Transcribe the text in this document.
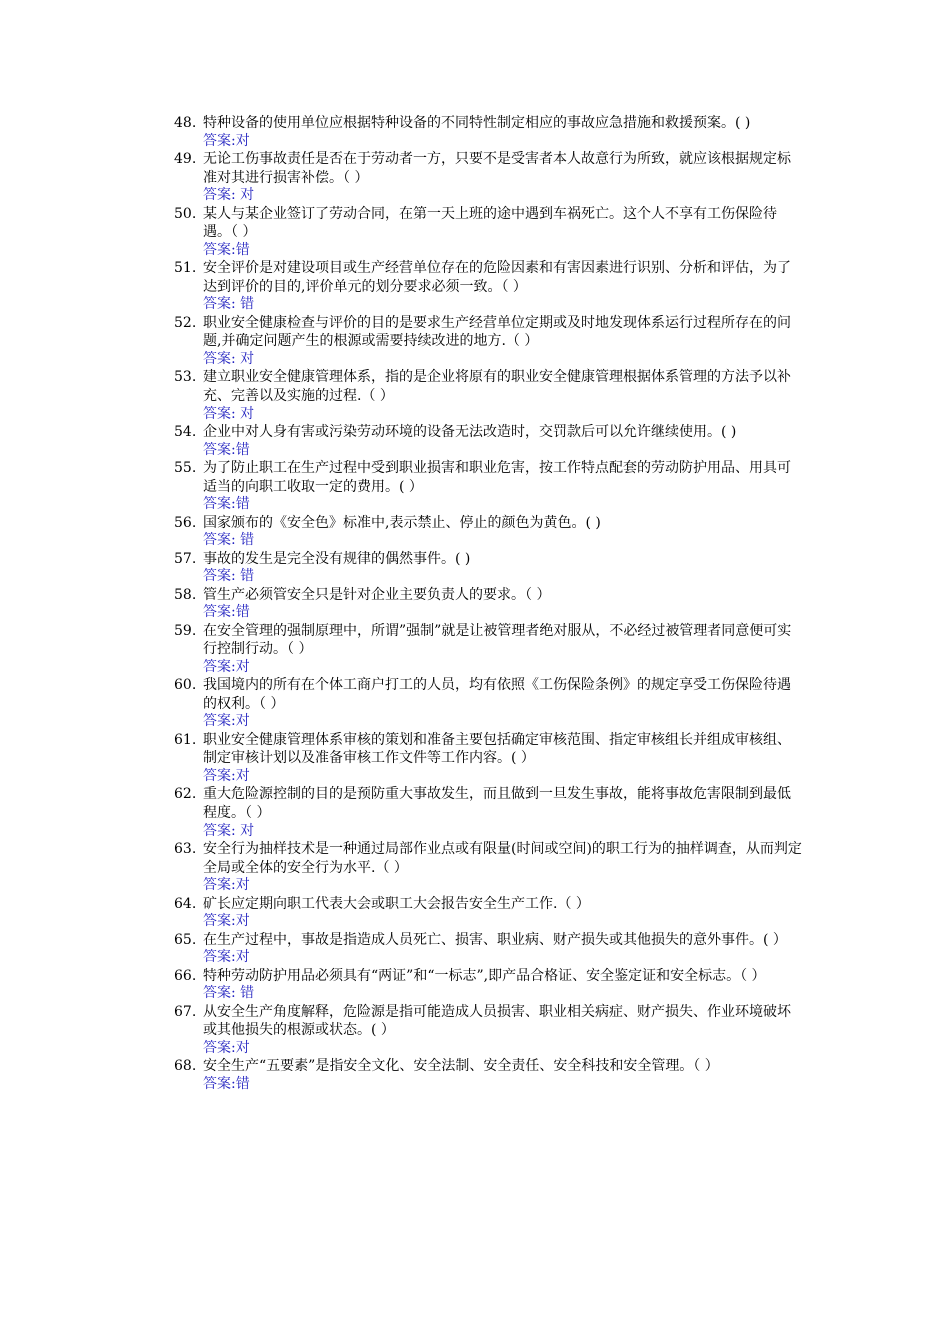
48. 特种设备的使用单位应根据特种设备的不同特性制定相应的事故应急措施和救援预案。( )
答案:对
49. 无论工伤事故责任是否在于劳动者一方，只要不是受害者本人故意行为所致，就应该根据规定标准对其进行损害补偿。（ ）
答案: 对
50. 某人与某企业签订了劳动合同，在第一天上班的途中遇到车祸死亡。这个人不享有工伤保险待遇。（ ）
答案:错
51. 安全评价是对建设项目或生产经营单位存在的危险因素和有害因素进行识别、分析和评估，为了达到评价的目的,评价单元的划分要求必须一致。（ ）
答案: 错
52. 职业安全健康检查与评价的目的是要求生产经营单位定期或及时地发现体系运行过程所存在的问题,并确定问题产生的根源或需要持续改进的地方.（ ）
答案: 对
53. 建立职业安全健康管理体系，指的是企业将原有的职业安全健康管理根据体系管理的方法予以补充、完善以及实施的过程.（ ）
答案: 对
54. 企业中对人身有害或污染劳动环境的设备无法改造时，交罚款后可以允许继续使用。( )
答案:错
55. 为了防止职工在生产过程中受到职业损害和职业危害，按工作特点配套的劳动防护用品、用具可适当的向职工收取一定的费用。( ）
答案:错
56. 国家颁布的《安全色》标准中,表示禁止、停止的颜色为黄色。( )
答案: 错
57. 事故的发生是完全没有规律的偶然事件。( )
答案: 错
58. 管生产必须管安全只是针对企业主要负责人的要求。（ ）
答案:错
59. 在安全管理的强制原理中，所谓”强制”就是让被管理者绝对服从，不必经过被管理者同意便可实行控制行动。（ ）
答案:对
60. 我国境内的所有在个体工商户打工的人员，均有依照《工伤保险条例》的规定享受工伤保险待遇的权利。（ ）
答案:对
61. 职业安全健康管理体系审核的策划和准备主要包括确定审核范围、指定审核组长并组成审核组、制定审核计划以及准备审核工作文件等工作内容。( ）
答案:对
62. 重大危险源控制的目的是预防重大事故发生，而且做到一旦发生事故，能将事故危害限制到最低程度。（ ）
答案: 对
63. 安全行为抽样技术是一种通过局部作业点或有限量(时间或空间)的职工行为的抽样调查，从而判定全局或全体的安全行为水平.（ ）
答案:对
64. 矿长应定期向职工代表大会或职工大会报告安全生产工作.（ ）
答案:对
65. 在生产过程中，事故是指造成人员死亡、损害、职业病、财产损失或其他损失的意外事件。( ）
答案:对
66. 特种劳动防护用品必须具有“两证”和“一标志”,即产品合格证、安全鉴定证和安全标志。（ ）
答案: 错
67. 从安全生产角度解释，危险源是指可能造成人员损害、职业相关病症、财产损失、作业环境破坏或其他损失的根源或状态。( ）
答案:对
68. 安全生产“五要素”是指安全文化、安全法制、安全责任、安全科技和安全管理。（ ）
答案:错
